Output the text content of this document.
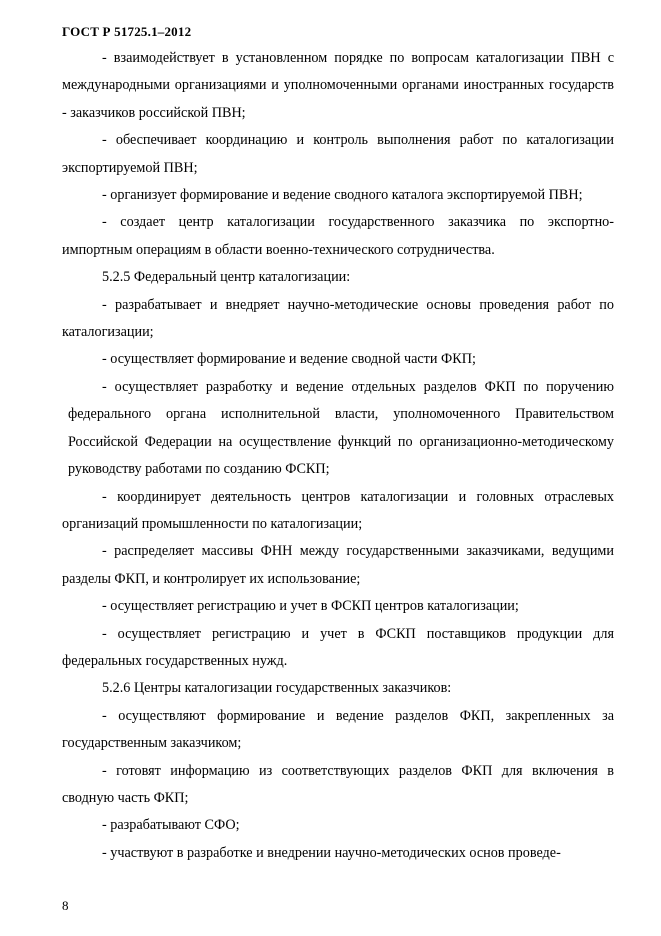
ГОСТ Р 51725.1–2012

- взаимодействует в установленном порядке по вопросам каталогизации ПВН с международными организациями и уполномоченными органами иностранных государств - заказчиков российской ПВН;

- обеспечивает координацию и контроль выполнения работ по каталогизации экспортируемой ПВН;

- организует формирование и ведение сводного каталога экспортируемой ПВН;

- создает центр каталогизации государственного заказчика по экспортно-импортным операциям в области военно-технического сотрудничества.

5.2.5 Федеральный центр каталогизации:

- разрабатывает и внедряет научно-методические основы проведения работ по каталогизации;

- осуществляет формирование и ведение сводной части ФКП;

- осуществляет разработку и ведение отдельных разделов ФКП по поручению федерального органа исполнительной власти, уполномоченного Правительством Российской Федерации на осуществление функций по организационно-методическому руководству работами по созданию ФСКП;

- координирует деятельность центров каталогизации и головных отраслевых организаций промышленности по каталогизации;

- распределяет массивы ФНН между государственными заказчиками, ведущими разделы ФКП, и контролирует их использование;

- осуществляет регистрацию и учет в ФСКП центров каталогизации;

- осуществляет регистрацию и учет в ФСКП поставщиков продукции для федеральных государственных нужд.

5.2.6 Центры каталогизации государственных заказчиков:

- осуществляют формирование и ведение разделов ФКП, закрепленных за государственным заказчиком;

- готовят информацию из соответствующих разделов ФКП для включения в сводную часть ФКП;

- разрабатывают СФО;

- участвуют в разработке и внедрении научно-методических основ проведе-

8
